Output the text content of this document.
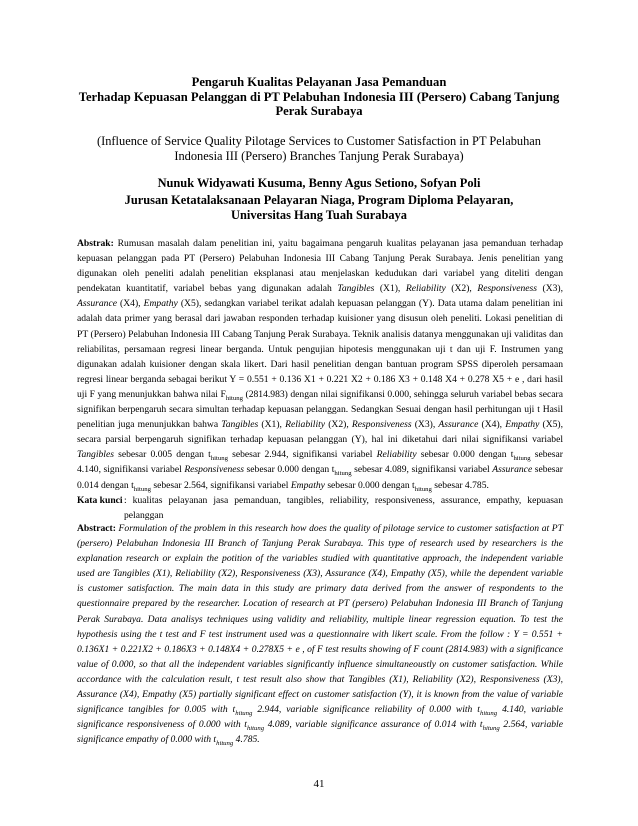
Pengaruh Kualitas Pelayanan Jasa Pemanduan
Terhadap Kepuasan Pelanggan di PT Pelabuhan Indonesia III (Persero) Cabang Tanjung
Perak Surabaya
(Influence of Service Quality Pilotage Services to Customer Satisfaction in PT Pelabuhan
Indonesia III (Persero) Branches Tanjung Perak Surabaya)
Nunuk Widyawati Kusuma, Benny Agus Setiono, Sofyan Poli
Jurusan Ketatalaksanaan Pelayaran Niaga, Program Diploma Pelayaran,
Universitas Hang Tuah Surabaya
Abstrak: Rumusan masalah dalam penelitian ini, yaitu bagaimana pengaruh kualitas pelayanan jasa pemanduan terhadap kepuasan pelanggan pada PT (Persero) Pelabuhan Indonesia III Cabang Tanjung Perak Surabaya. Jenis penelitian yang digunakan oleh peneliti adalah penelitian eksplanasi atau menjelaskan kedudukan dari variabel yang diteliti dengan pendekatan kuantitatif, variabel bebas yang digunakan adalah Tangibles (X1), Reliability (X2), Responsiveness (X3), Assurance (X4), Empathy (X5), sedangkan variabel terikat adalah kepuasan pelanggan (Y). Data utama dalam penelitian ini adalah data primer yang berasal dari jawaban responden terhadap kuisioner yang disusun oleh peneliti. Lokasi penelitian di PT (Persero) Pelabuhan Indonesia III Cabang Tanjung Perak Surabaya. Teknik analisis datanya menggunakan uji validitas dan reliabilitas, persamaan regresi linear berganda. Untuk pengujian hipotesis menggunakan uji t dan uji F. Instrumen yang digunakan adalah kuisioner dengan skala likert. Dari hasil penelitian dengan bantuan program SPSS diperoleh persamaan regresi linear berganda sebagai berikut Y = 0.551 + 0.136 X1 + 0.221 X2 + 0.186 X3 + 0.148 X4 + 0.278 X5 + e , dari hasil uji F yang menunjukkan bahwa nilai $F_{hitung}$ (2814.983) dengan nilai signifikansi 0.000, sehingga seluruh variabel bebas secara signifikan berpengaruh secara simultan terhadap kepuasan pelanggan. Sedangkan Sesuai dengan hasil perhitungan uji t Hasil penelitian juga menunjukkan bahwa Tangibles (X1), Reliability (X2), Responsiveness (X3), Assurance (X4), Empathy (X5), secara parsial berpengaruh signifikan terhadap kepuasan pelanggan (Y), hal ini diketahui dari nilai signifikansi variabel Tangibles sebesar 0.005 dengan $t_{hitung}$ sebesar 2.944, signifikansi variabel Reliability sebesar 0.000 dengan $t_{hitung}$ sebesar 4.140, signifikansi variabel Responsiveness sebesar 0.000 dengan $t_{hitung}$ sebesar 4.089, signifikansi variabel Assurance sebesar 0.014 dengan $t_{hitung}$ sebesar 2.564, signifikansi variabel Empathy sebesar 0.000 dengan $t_{hitung}$ sebesar 4.785.
Kata kunci : kualitas pelayanan jasa pemanduan, tangibles, reliability, responsiveness, assurance, empathy, kepuasan pelanggan
Abstract: Formulation of the problem in this research how does the quality of pilotage service to customer satisfaction at PT (persero) Pelabuhan Indonesia III Branch of Tanjung Perak Surabaya. This type of research used by researchers is the explanation research or explain the potition of the variables studied with quantitative approach, the independent variable used are Tangibles (X1), Reliability (X2), Responsiveness (X3), Assurance (X4), Empathy (X5), while the dependent variable is customer satisfaction. The main data in this study are primary data derived from the answer of respondents to the questionnaire prepared by the researcher. Location of research at PT (persero) Pelabuhan Indonesia III Branch of Tanjung Perak Surabaya. Data analisys techniques using validity and reliability, multiple linear regression equation. To test the hypothesis using the t test and F test instrument used was a questionnaire with likert scale. From the follow : Y = 0.551 + 0.136X1 + 0.221X2 + 0.186X3 + 0.148X4 + 0.278X5 + e , of F test results showing of F count (2814.983) with a significance value of 0.000, so that all the independent variables significantly influence simultaneoustly on customer satisfaction. While accordance with the calculation result, t test result also show that Tangibles (X1), Reliability (X2), Responsiveness (X3), Assurance (X4), Empathy (X5) partially significant effect on customer satisfaction (Y), it is known from the value of variable significance tangibles for 0.005 with $t_{hitung}$ 2.944, variable significance reliability of 0.000 with $t_{hitung}$ 4.140, variable significance responsiveness of 0.000 with $t_{hitung}$ 4.089, variable significance assurance of 0.014 with $t_{hitung}$ 2.564, variable significance empathy of 0.000 with $t_{hitung}$ 4.785.
41
